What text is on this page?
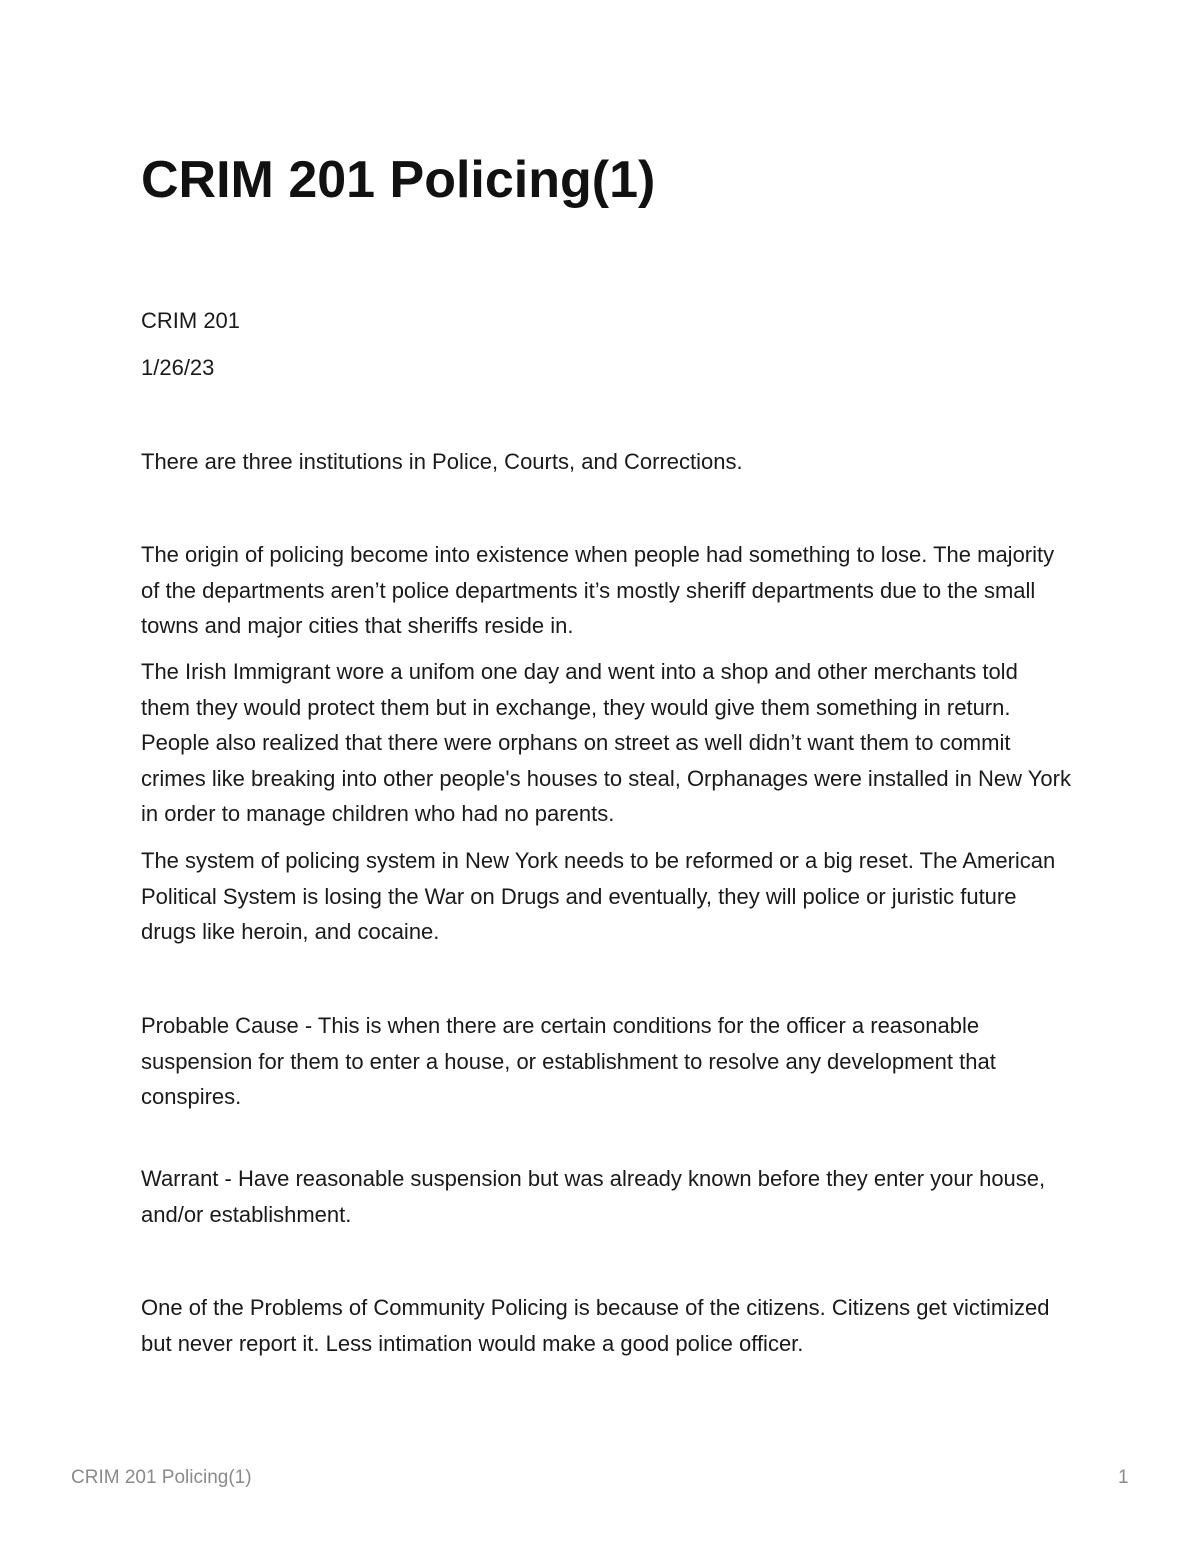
CRIM 201 Policing(1)

CRIM 201

1/26/23

There are three institutions in Police, Courts, and Corrections.

The origin of policing become into existence when people had something to lose. The majority of the departments aren’t police departments it’s mostly sheriff departments due to the small towns and major cities that sheriffs reside in.

The Irish Immigrant wore a unifom one day and went into a shop and other merchants told them they would protect them but in exchange, they would give them something in return. People also realized that there were orphans on street as well didn’t want them to commit crimes like breaking into other people's houses to steal, Orphanages were installed in New York in order to manage children who had no parents.

The system of policing system in New York needs to be reformed or a big reset. The American Political System is losing the War on Drugs and eventually, they will police or juristic future drugs like heroin, and cocaine.

Probable Cause - This is when there are certain conditions for the officer a reasonable suspension for them to enter a house, or establishment to resolve any development that conspires.

Warrant - Have reasonable suspension but was already known before they enter your house, and/or establishment.

One of the Problems of Community Policing is because of the citizens. Citizens get victimized but never report it. Less intimation would make a good police officer.

CRIM 201 Policing(1)	1
